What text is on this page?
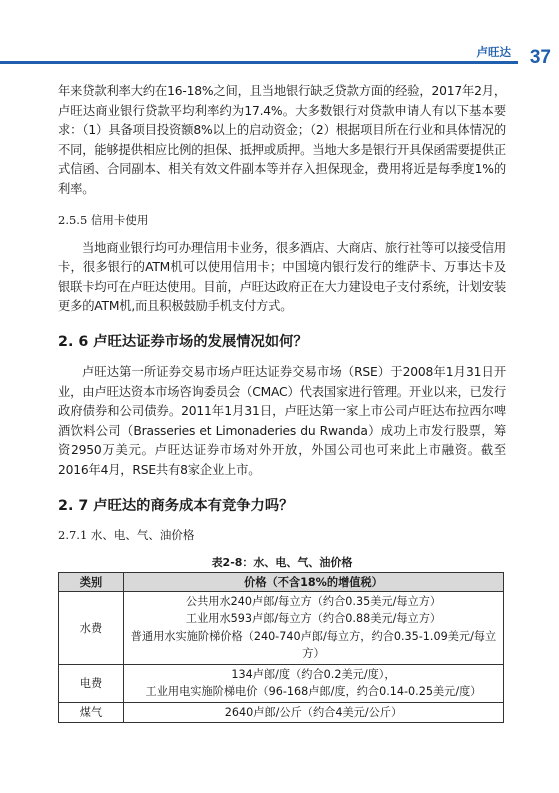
卢旺达 37

年来贷款利率大约在16-18%之间，且当地银行缺乏贷款方面的经验，2017年2月，卢旺达商业银行贷款平均利率约为17.4%。大多数银行对贷款申请人有以下基本要求：（1）具备项目投资额8%以上的启动资金；（2）根据项目所在行业和具体情况的不同，能够提供相应比例的担保、抵押或质押。当地大多是银行开具保函需要提供正式信函、合同副本、相关有效文件副本等并存入担保现金，费用将近是每季度1%的利率。

2.5.5 信用卡使用

当地商业银行均可办理信用卡业务，很多酒店、大商店、旅行社等可以接受信用卡，很多银行的ATM机可以使用信用卡；中国境内银行发行的维萨卡、万事达卡及银联卡均可在卢旺达使用。目前，卢旺达政府正在大力建设电子支付系统，计划安装更多的ATM机,而且积极鼓励手机支付方式。

2. 6 卢旺达证券市场的发展情况如何？

卢旺达第一所证券交易市场卢旺达证券交易市场（RSE）于2008年1月31日开业，由卢旺达资本市场咨询委员会（CMAC）代表国家进行管理。开业以来，已发行政府债券和公司债券。2011年1月31日，卢旺达第一家上市公司卢旺达布拉西尔啤酒饮料公司（Brasseries et Limonaderies du Rwanda）成功上市发行股票，筹资2950万美元。卢旺达证券市场对外开放，外国公司也可来此上市融资。截至2016年4月，RSE共有8家企业上市。

2. 7 卢旺达的商务成本有竞争力吗？
2.7.1 水、电、气、油价格
表2-8：水、电、气、油价格
类别	价格（不含18%的增值税）
水费	公共用水240卢郎/每立方（约合0.35美元/每立方）
工业用水593卢郎/每立方（约合0.88美元/每立方）
普通用水实施阶梯价格（240-740卢郎/每立方，约合0.35-1.09美元/每立方）

电费	134卢郎/度（约合0.2美元/度），
工业用电实施阶梯电价（96-168卢郎/度，约合0.14-0.25美元/度）

煤气	2640卢郎/公斤（约合4美元/公斤）
